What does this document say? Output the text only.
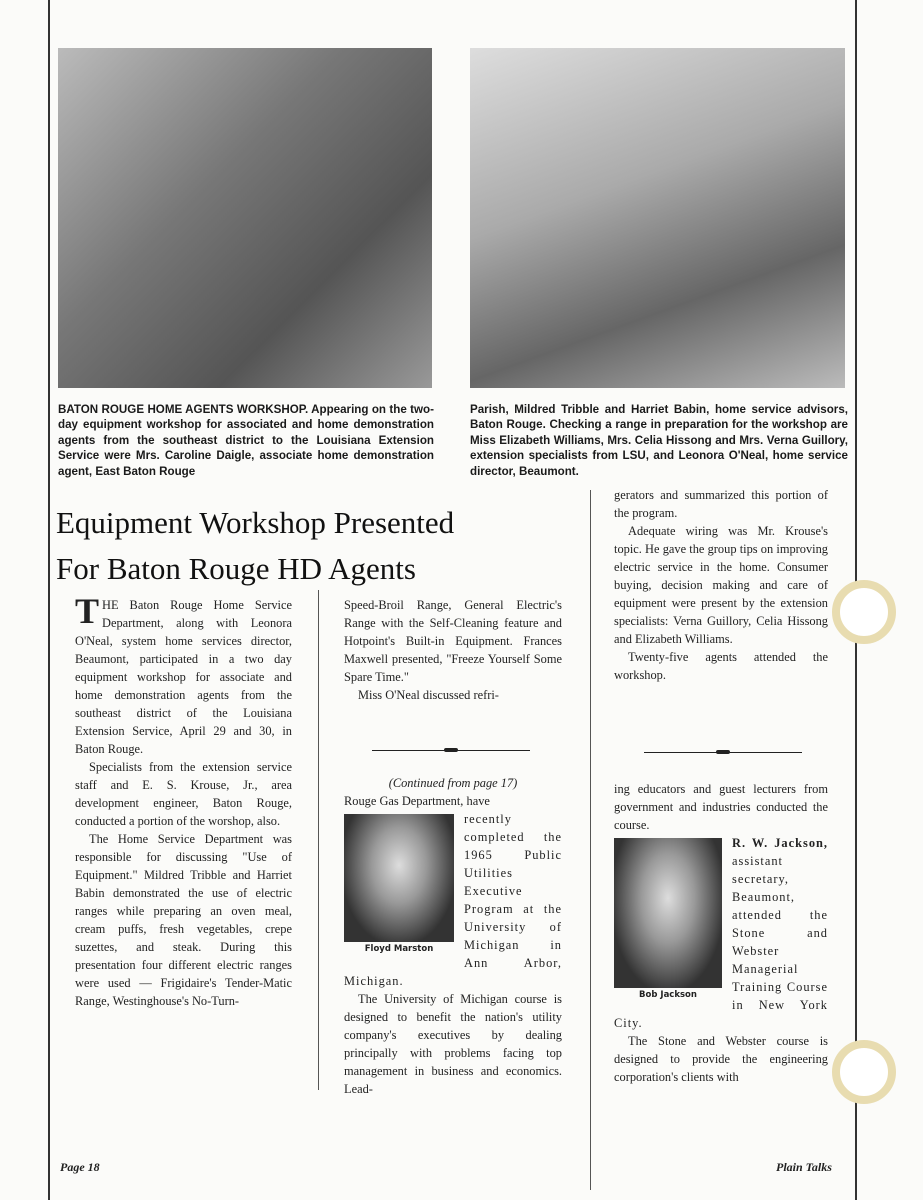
BATON ROUGE HOME AGENTS WORKSHOP. Appearing on the two-day equipment workshop for associated and home demonstration agents from the southeast district to the Louisiana Extension Service were Mrs. Caroline Daigle, associate home demonstration agent, East Baton Rouge
Parish, Mildred Tribble and Harriet Babin, home service advisors, Baton Rouge. Checking a range in preparation for the workshop are Miss Elizabeth Williams, Mrs. Celia Hissong and Mrs. Verna Guillory, extension specialists from LSU, and Leonora O'Neal, home service director, Beaumont.
Equipment Workshop Presented
For Baton Rouge HD Agents

THE Baton Rouge Home Service Department, along with Leonora O'Neal, system home services director, Beaumont, participated in a two day equipment workshop for associate and home demonstration agents from the southeast district of the Louisiana Extension Service, April 29 and 30, in Baton Rouge.

Specialists from the extension service staff and E. S. Krouse, Jr., area development engineer, Baton Rouge, conducted a portion of the worshop, also.

The Home Service Department was responsible for discussing "Use of Equipment." Mildred Tribble and Harriet Babin demonstrated the use of electric ranges while preparing an oven meal, cream puffs, fresh vegetables, crepe suzettes, and steak. During this presentation four different electric ranges were used — Frigidaire's Tender-Matic Range, Westinghouse's No-Turn-

Speed-Broil Range, General Electric's Range with the Self-Cleaning feature and Hotpoint's Built-in Equipment. Frances Maxwell presented, "Freeze Yourself Some Spare Time."

Miss O'Neal discussed refri-

(Continued from page 17)

Rouge Gas Department, have

Floyd Marston

recently completed the 1965 Public Utilities Executive Program at the University of Michigan in Ann Arbor, Michigan.

The University of Michigan course is designed to benefit the nation's utility company's executives by dealing principally with problems facing top management in business and economics. Lead-

gerators and summarized this portion of the program.

Adequate wiring was Mr. Krouse's topic. He gave the group tips on improving electric service in the home. Consumer buying, decision making and care of equipment were present by the extension specialists: Verna Guillory, Celia Hissong and Elizabeth Williams.

Twenty-five agents attended the workshop.

ing educators and guest lecturers from government and industries conducted the course.

Bob Jackson

R. W. Jackson, assistant secretary, Beaumont, attended the Stone and Webster Managerial Training Course in New York City.

The Stone and Webster course is designed to provide the engineering corporation's clients with

Page 18	Plain Talks
